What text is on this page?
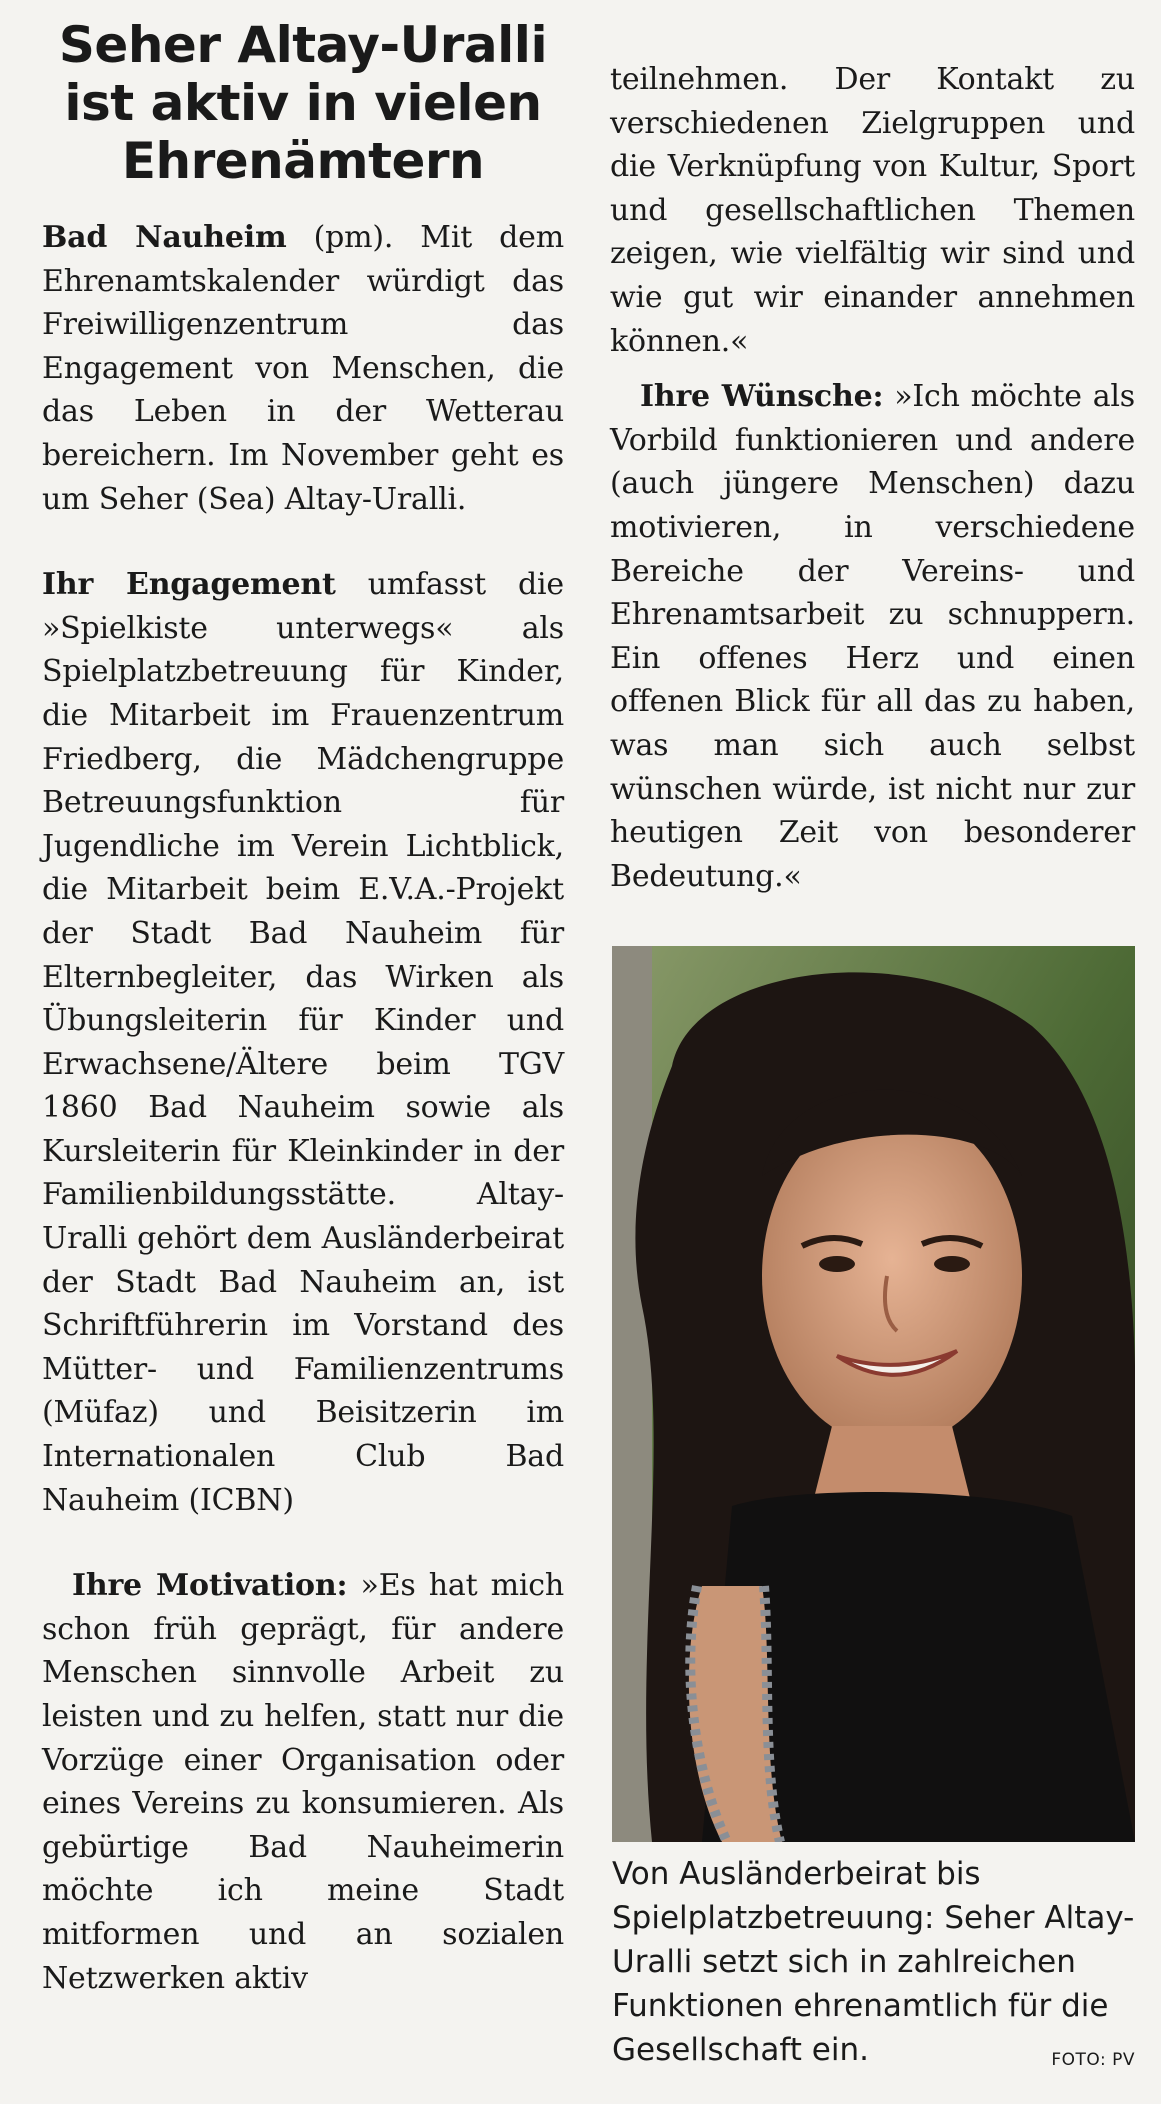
Seher Altay-Uralli ist aktiv in vielen Ehrenämtern

Bad Nauheim (pm). Mit dem Ehrenamtskalender würdigt das Freiwilligenzentrum das Engagement von Menschen, die das Leben in der Wetterau bereichern. Im November geht es um Seher (Sea) Altay-Uralli.

Ihr Engagement umfasst die »Spielkiste unterwegs« als Spielplatzbetreuung für Kinder, die Mitarbeit im Frauenzentrum Friedberg, die Mädchengruppe Betreuungsfunktion für Jugendliche im Verein Lichtblick, die Mitarbeit beim E.V.A.-Projekt der Stadt Bad Nauheim für Elternbegleiter, das Wirken als Übungsleiterin für Kinder und Erwachsene/Ältere beim TGV 1860 Bad Nauheim sowie als Kursleiterin für Kleinkinder in der Familienbildungsstätte. Altay-Uralli gehört dem Ausländerbeirat der Stadt Bad Nauheim an, ist Schriftführerin im Vorstand des Mütter- und Familienzentrums (Müfaz) und Beisitzerin im Internationalen Club Bad Nauheim (ICBN)

Ihre Motivation: »Es hat mich schon früh geprägt, für andere Menschen sinnvolle Arbeit zu leisten und zu helfen, statt nur die Vorzüge einer Organisation oder eines Vereins zu konsumieren. Als gebürtige Bad Nauheimerin möchte ich meine Stadt mitformen und an sozialen Netzwerken aktiv

teilnehmen. Der Kontakt zu verschiedenen Zielgruppen und die Verknüpfung von Kultur, Sport und gesellschaftlichen Themen zeigen, wie vielfältig wir sind und wie gut wir einander annehmen können.«

Ihre Wünsche: »Ich möchte als Vorbild funktionieren und andere (auch jüngere Menschen) dazu motivieren, in verschiedene Bereiche der Vereins- und Ehrenamtsarbeit zu schnuppern. Ein offenes Herz und einen offenen Blick für all das zu haben, was man sich auch selbst wünschen würde, ist nicht nur zur heutigen Zeit von besonderer Bedeutung.«

Von Ausländerbeirat bis Spielplatzbetreuung: Seher Altay-Uralli setzt sich in zahlreichen Funktionen ehrenamtlich für die Gesellschaft ein.	FOTO: PV
